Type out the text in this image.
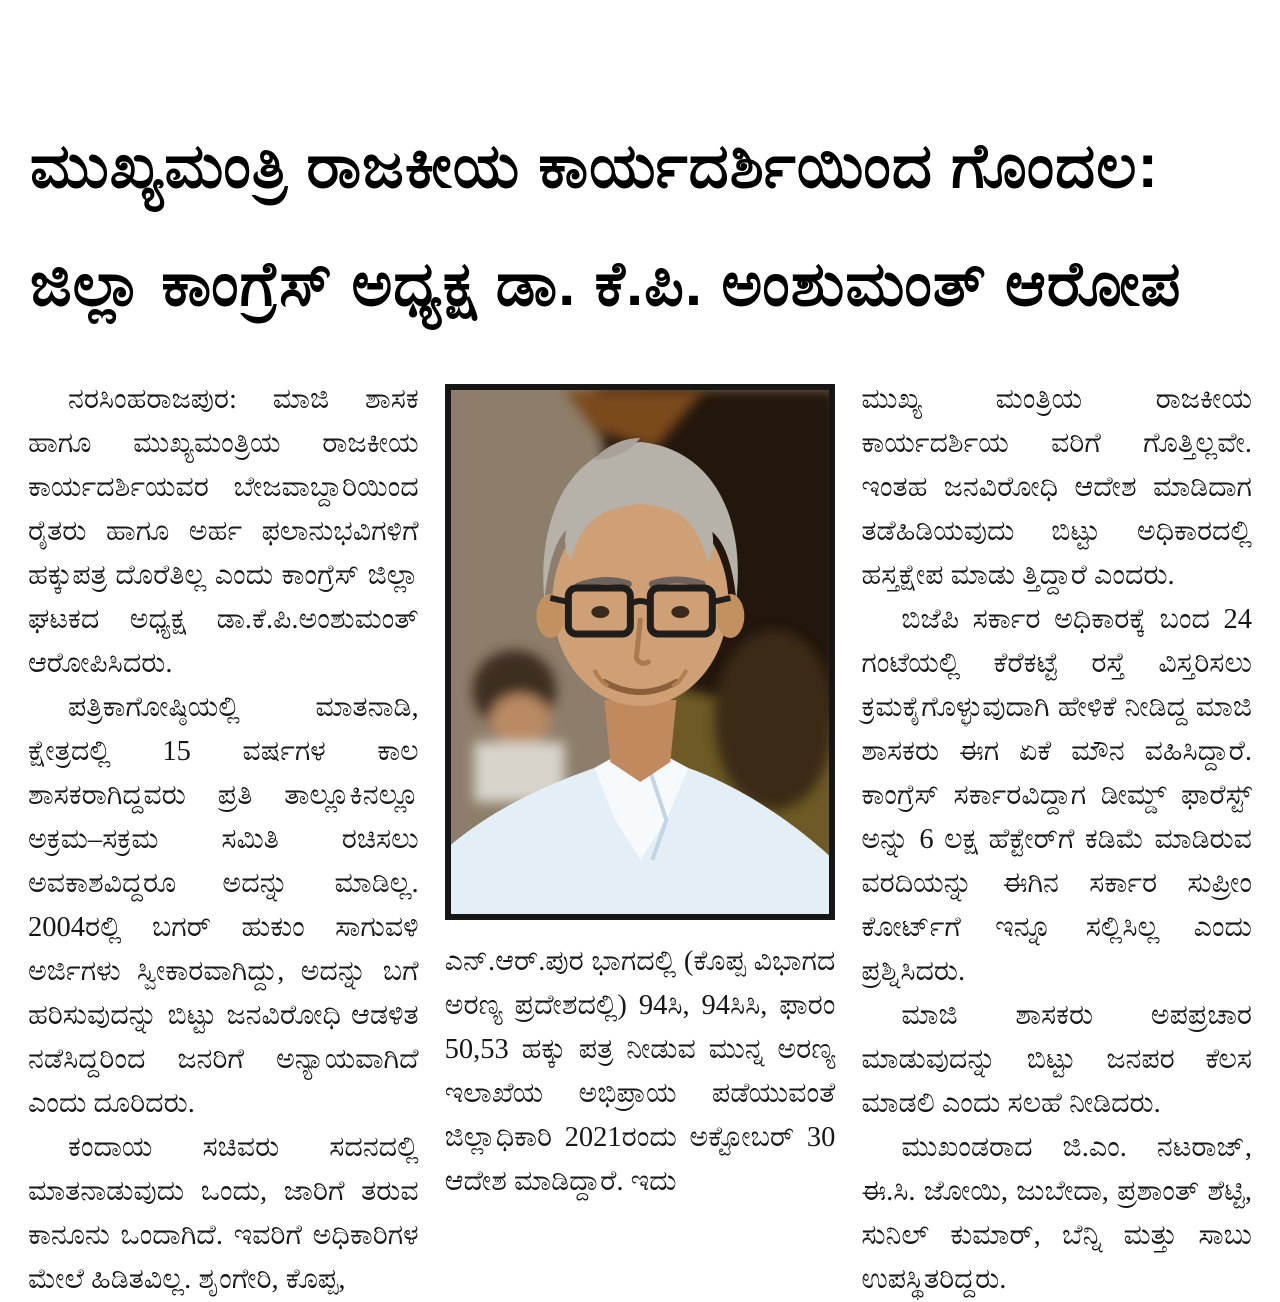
ಮುಖ್ಯಮಂತ್ರಿ ರಾಜಕೀಯ ಕಾರ್ಯದರ್ಶಿಯಿಂದ ಗೊಂದಲ:
ಜಿಲ್ಲಾ ಕಾಂಗ್ರೆಸ್ ಅಧ್ಯಕ್ಷ ಡಾ. ಕೆ.ಪಿ. ಅಂಶುಮಂತ್ ಆರೋಪ

ನರಸಿಂಹರಾಜಪುರ: ಮಾಜಿ ಶಾಸಕ ಹಾಗೂ ಮುಖ್ಯಮಂತ್ರಿಯ ರಾಜಕೀಯ ಕಾರ್ಯದರ್ಶಿಯವರ ಬೇಜವಾಬ್ದಾರಿಯಿಂದ ರೈತರು ಹಾಗೂ ಅರ್ಹ ಫಲಾನುಭವಿಗಳಿಗೆ ಹಕ್ಕುಪತ್ರ ದೊರೆತಿಲ್ಲ ಎಂದು ಕಾಂಗ್ರೆಸ್ ಜಿಲ್ಲಾ ಘಟಕದ ಅಧ್ಯಕ್ಷ ಡಾ.ಕೆ.ಪಿ.ಅಂಶುಮಂತ್ ಆರೋಪಿಸಿದರು.

ಪತ್ರಿಕಾಗೋಷ್ಠಿಯಲ್ಲಿ ಮಾತನಾಡಿ, ಕ್ಷೇತ್ರದಲ್ಲಿ 15 ವರ್ಷಗಳ ಕಾಲ ಶಾಸಕರಾಗಿದ್ದವರು ಪ್ರತಿ ತಾಲ್ಲೂಕಿನಲ್ಲೂ ಅಕ್ರಮ–ಸಕ್ರಮ ಸಮಿತಿ ರಚಿಸಲು ಅವಕಾಶವಿದ್ದರೂ ಅದನ್ನು ಮಾಡಿಲ್ಲ. 2004ರಲ್ಲಿ ಬಗರ್ ಹುಕುಂ ಸಾಗುವಳಿ ಅರ್ಜಿಗಳು ಸ್ವೀಕಾರವಾಗಿದ್ದು, ಅದನ್ನು ಬಗೆ ಹರಿಸುವುದನ್ನು ಬಿಟ್ಟು ಜನವಿರೋಧಿ ಆಡಳಿತ ನಡೆಸಿದ್ದರಿಂದ ಜನರಿಗೆ ಅನ್ಯಾಯವಾಗಿದೆ ಎಂದು ದೂರಿದರು.

ಕಂದಾಯ ಸಚಿವರು ಸದನದಲ್ಲಿ ಮಾತನಾಡುವುದು ಒಂದು, ಜಾರಿಗೆ ತರುವ ಕಾನೂನು ಒಂದಾಗಿದೆ. ಇವರಿಗೆ ಅಧಿಕಾರಿಗಳ ಮೇಲೆ ಹಿಡಿತವಿಲ್ಲ. ಶೃಂಗೇರಿ, ಕೊಪ್ಪ,

ಎನ್.ಆರ್.ಪುರ ಭಾಗದಲ್ಲಿ (ಕೊಪ್ಪ ವಿಭಾಗದ ಅರಣ್ಯ ಪ್ರದೇಶದಲ್ಲಿ) 94ಸಿ, 94ಸಿಸಿ, ಫಾರಂ 50,53 ಹಕ್ಕು ಪತ್ರ ನೀಡುವ ಮುನ್ನ ಅರಣ್ಯ ಇಲಾಖೆಯ ಅಭಿಪ್ರಾಯ ಪಡೆಯುವಂತೆ ಜಿಲ್ಲಾಧಿಕಾರಿ 2021ರಂದು ಅಕ್ಟೋಬರ್ 30 ಆದೇಶ ಮಾಡಿದ್ದಾರೆ. ಇದು

ಮುಖ್ಯ ಮಂತ್ರಿಯ ರಾಜಕೀಯ ಕಾರ್ಯದರ್ಶಿಯ ವರಿಗೆ ಗೊತ್ತಿಲ್ಲವೇ. ಇಂತಹ ಜನವಿರೋಧಿ ಆದೇಶ ಮಾಡಿದಾಗ ತಡೆಹಿಡಿಯವುದು ಬಿಟ್ಟು ಅಧಿಕಾರದಲ್ಲಿ ಹಸ್ತಕ್ಷೇಪ ಮಾಡು ತ್ತಿದ್ದಾರೆ ಎಂದರು.

ಬಿಜೆಪಿ ಸರ್ಕಾರ ಅಧಿಕಾರಕ್ಕೆ ಬಂದ 24 ಗಂಟೆಯಲ್ಲಿ ಕೆರೆಕಟ್ಟೆ ರಸ್ತೆ ವಿಸ್ತರಿಸಲು ಕ್ರಮಕೈಗೊಳ್ಳುವುದಾಗಿ ಹೇಳಿಕೆ ನೀಡಿದ್ದ ಮಾಜಿ ಶಾಸಕರು ಈಗ ಏಕೆ ಮೌನ ವಹಿಸಿದ್ದಾರೆ. ಕಾಂಗ್ರೆಸ್ ಸರ್ಕಾರವಿದ್ದಾಗ ಡೀಮ್ಡ್ ಫಾರೆಸ್ಟ್ ಅನ್ನು 6 ಲಕ್ಷ ಹೆಕ್ಟೇರ್‌ಗೆ ಕಡಿಮೆ ಮಾಡಿರುವ ವರದಿಯನ್ನು ಈಗಿನ ಸರ್ಕಾರ ಸುಪ್ರೀಂ ಕೋರ್ಟ್‌ಗೆ ಇನ್ನೂ ಸಲ್ಲಿಸಿಲ್ಲ ಎಂದು ಪ್ರಶ್ನಿಸಿದರು.

ಮಾಜಿ ಶಾಸಕರು ಅಪಪ್ರಚಾರ ಮಾಡುವುದನ್ನು ಬಿಟ್ಟು ಜನಪರ ಕೆಲಸ ಮಾಡಲಿ ಎಂದು ಸಲಹೆ ನೀಡಿದರು.

ಮುಖಂಡರಾದ ಜಿ.ಎಂ. ನಟರಾಜ್, ಈ.ಸಿ. ಜೋಯಿ, ಜುಬೇದಾ, ಪ್ರಶಾಂತ್ ಶೆಟ್ಟಿ, ಸುನಿಲ್ ಕುಮಾರ್, ಬೆನ್ನಿ ಮತ್ತು ಸಾಬು ಉಪಸ್ಥಿತರಿದ್ದರು.
